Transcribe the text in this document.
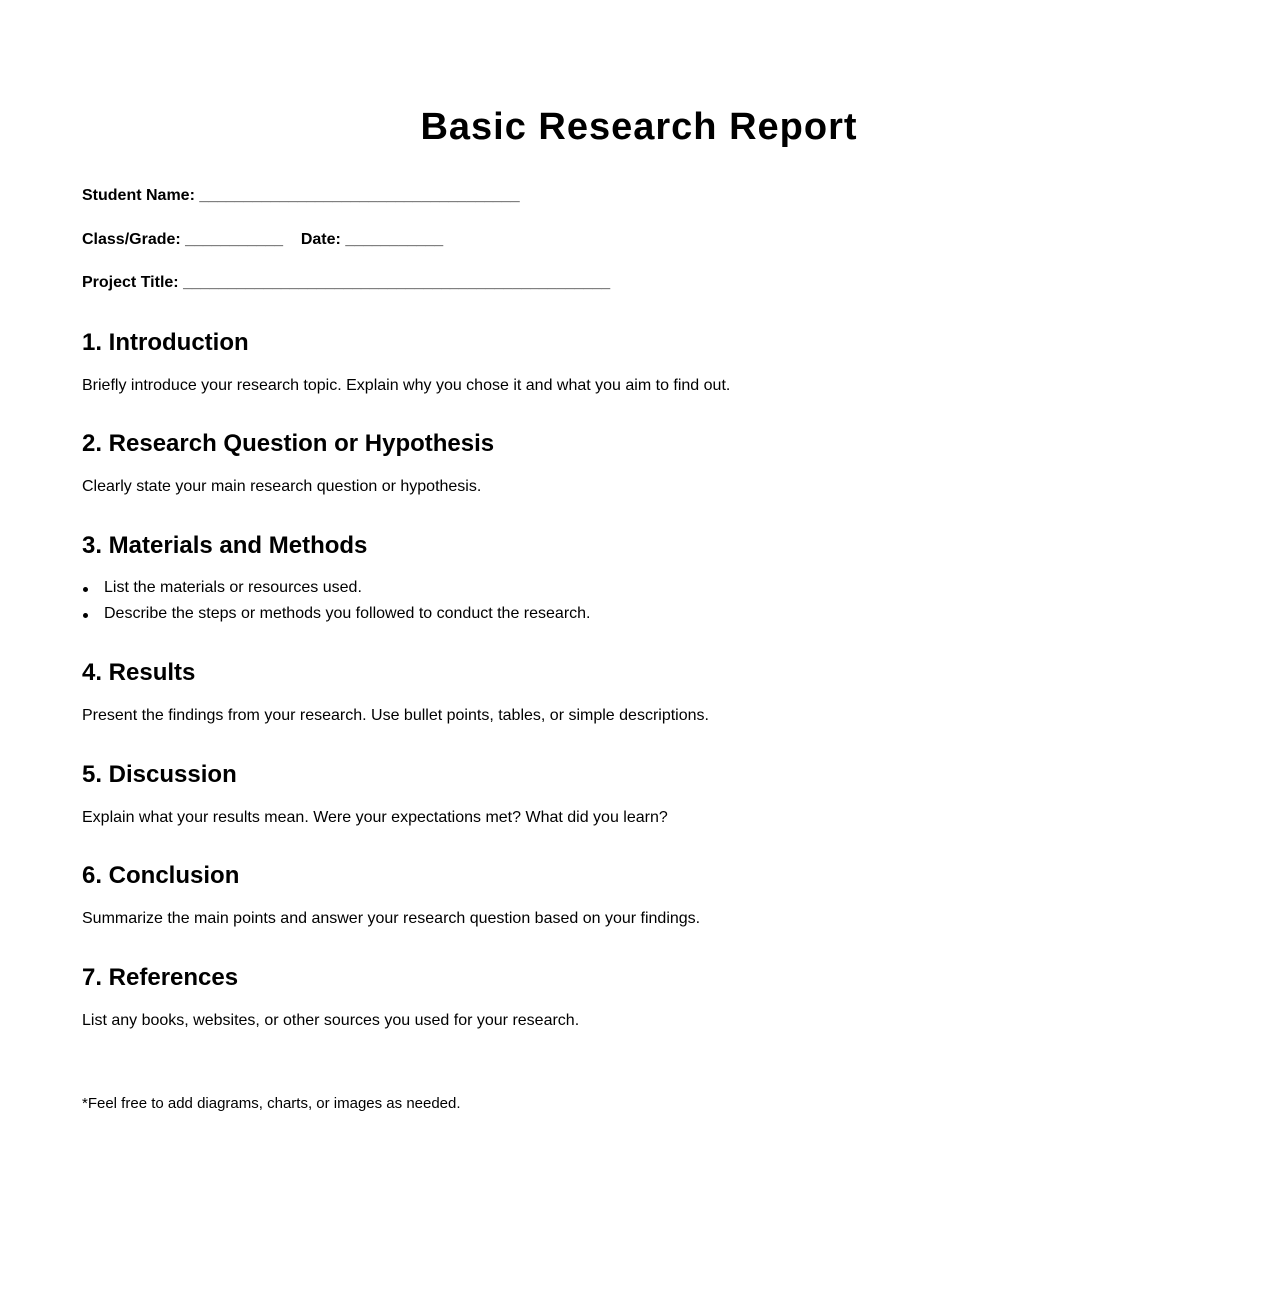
Basic Research Report

Student Name: ____________________________________

Class/Grade: ___________ Date: ___________

Project Title: ________________________________________________

1. Introduction

Briefly introduce your research topic. Explain why you chose it and what you aim to find out.

2. Research Question or Hypothesis

Clearly state your main research question or hypothesis.

3. Materials and Methods
List the materials or resources used.
Describe the steps or methods you followed to conduct the research.
4. Results

Present the findings from your research. Use bullet points, tables, or simple descriptions.

5. Discussion

Explain what your results mean. Were your expectations met? What did you learn?

6. Conclusion

Summarize the main points and answer your research question based on your findings.

7. References

List any books, websites, or other sources you used for your research.

*Feel free to add diagrams, charts, or images as needed.
